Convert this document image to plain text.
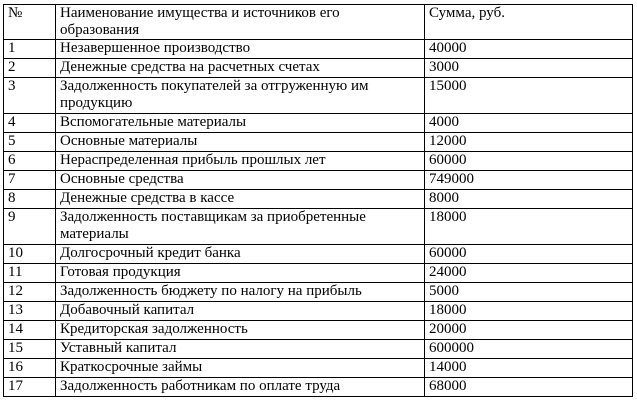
№	Наименование имущества и источников его образования	Сумма, руб.
1	Незавершенное производство	40000
2	Денежные средства на расчетных счетах	3000
3	Задолженность покупателей за отгруженную им продукцию	15000
4	Вспомогательные материалы	4000
5	Основные материалы	12000
6	Нераспределенная прибыль прошлых лет	60000
7	Основные средства	749000
8	Денежные средства в кассе	8000
9	Задолженность поставщикам за приобретенные материалы	18000
10	Долгосрочный кредит банка	60000
11	Готовая продукция	24000
12	Задолженность бюджету по налогу на прибыль	5000
13	Добавочный капитал	18000
14	Кредиторская задолженность	20000
15	Уставный капитал	600000
16	Краткосрочные займы	14000
17	Задолженность работникам по оплате труда	68000
